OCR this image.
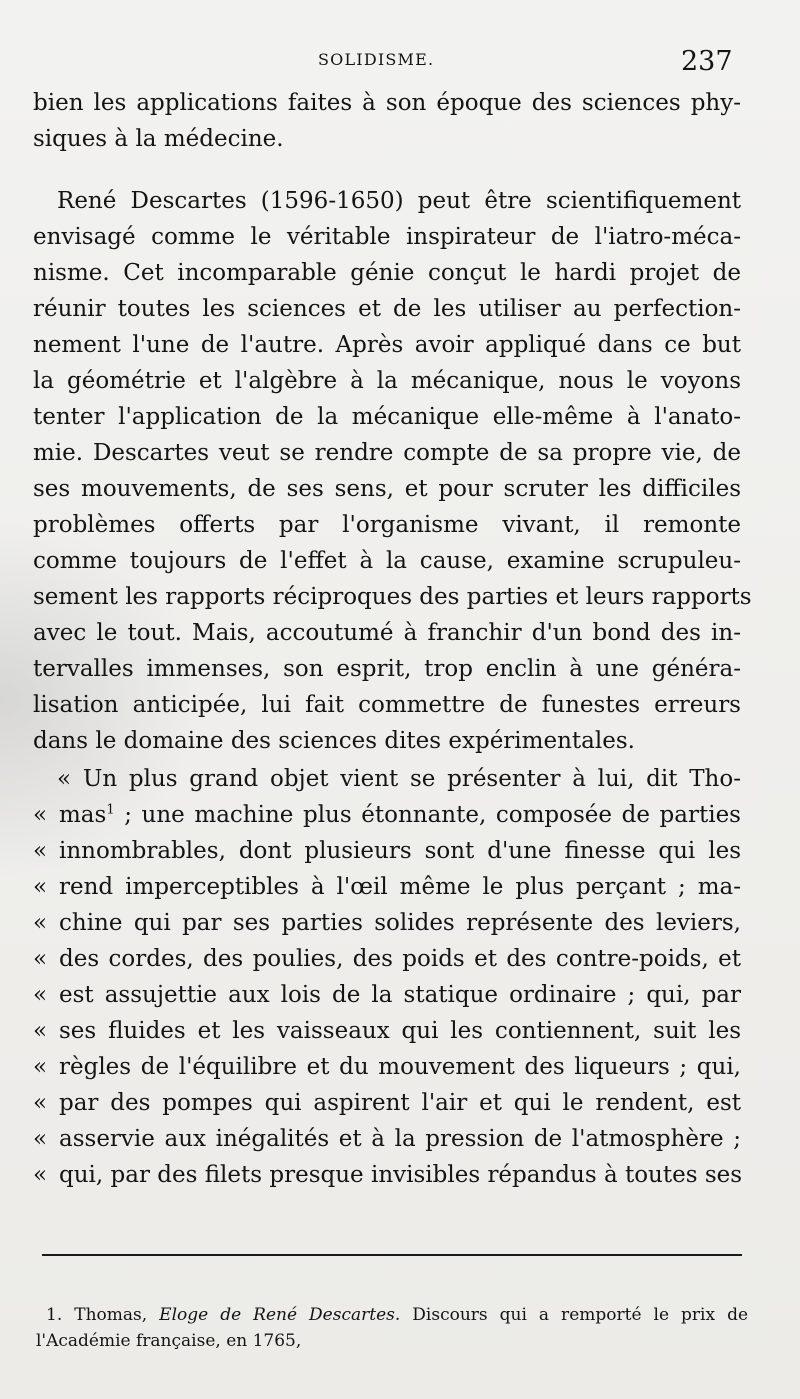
SOLIDISME.	237
bien les applications faites à son époque des sciences phy-
siques à la médecine.
René Descartes (1596-1650) peut être scientifiquement
envisagé comme le véritable inspirateur de l'iatro-méca-
nisme. Cet incomparable génie conçut le hardi projet de
réunir toutes les sciences et de les utiliser au perfection-
nement l'une de l'autre. Après avoir appliqué dans ce but
la géométrie et l'algèbre à la mécanique, nous le voyons
tenter l'application de la mécanique elle-même à l'anato-
mie. Descartes veut se rendre compte de sa propre vie, de
ses mouvements, de ses sens, et pour scruter les difficiles
problèmes offerts par l'organisme vivant, il remonte
comme toujours de l'effet à la cause, examine scrupuleu-
sement les rapports réciproques des parties et leurs rapports
avec le tout. Mais, accoutumé à franchir d'un bond des in-
tervalles immenses, son esprit, trop enclin à une généra-
lisation anticipée, lui fait commettre de funestes erreurs
dans le domaine des sciences dites expérimentales.
« Un plus grand objet vient se présenter à lui, dit Tho-
« mas$^1$ ; une machine plus étonnante, composée de parties
« innombrables, dont plusieurs sont d'une finesse qui les
« rend imperceptibles à l'œil même le plus perçant ; ma-
« chine qui par ses parties solides représente des leviers,
« des cordes, des poulies, des poids et des contre-poids, et
« est assujettie aux lois de la statique ordinaire ; qui, par
« ses fluides et les vaisseaux qui les contiennent, suit les
« règles de l'équilibre et du mouvement des liqueurs ; qui,
« par des pompes qui aspirent l'air et qui le rendent, est
« asservie aux inégalités et à la pression de l'atmosphère ;
« qui, par des filets presque invisibles répandus à toutes ses
1. Thomas, Eloge de René Descartes. Discours qui a remporté le prix de
l'Académie française, en 1765,
